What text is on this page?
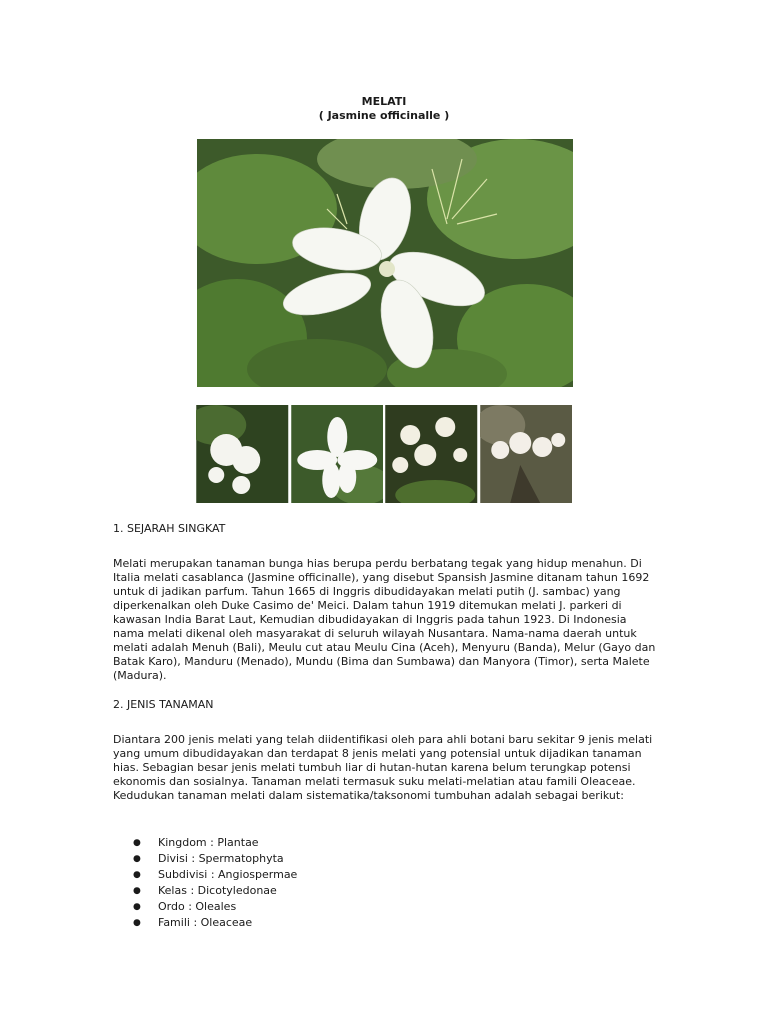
MELATI
( Jasmine officinalle )
1. SEJARAH SINGKAT
Melati merupakan tanaman bunga hias berupa perdu berbatang tegak yang hidup menahun. Di Italia melati casablanca (Jasmine officinalle), yang disebut Spansish Jasmine ditanam tahun 1692 untuk di jadikan parfum. Tahun 1665 di Inggris dibudidayakan melati putih (J. sambac) yang diperkenalkan oleh Duke Casimo de' Meici. Dalam tahun 1919 ditemukan melati J. parkeri di kawasan India Barat Laut, Kemudian dibudidayakan di Inggris pada tahun 1923. Di Indonesia nama melati dikenal oleh masyarakat di seluruh wilayah Nusantara. Nama-nama daerah untuk melati adalah Menuh (Bali), Meulu cut atau Meulu Cina (Aceh), Menyuru (Banda), Melur (Gayo dan Batak Karo), Manduru (Menado), Mundu (Bima dan Sumbawa) dan Manyora (Timor), serta Malete (Madura).
2. JENIS TANAMAN
Diantara 200 jenis melati yang telah diidentifikasi oleh para ahli botani baru sekitar 9 jenis melati yang umum dibudidayakan dan terdapat 8 jenis melati yang potensial untuk dijadikan tanaman hias. Sebagian besar jenis melati tumbuh liar di hutan-hutan karena belum terungkap potensi ekonomis dan sosialnya. Tanaman melati termasuk suku melati-melatian atau famili Oleaceae. Kedudukan tanaman melati dalam sistematika/taksonomi tumbuhan adalah sebagai berikut:
●	Kingdom : Plantae
●	Divisi : Spermatophyta
●	Subdivisi : Angiospermae
●	Kelas : Dicotyledonae
●	Ordo : Oleales
●	Famili : Oleaceae
